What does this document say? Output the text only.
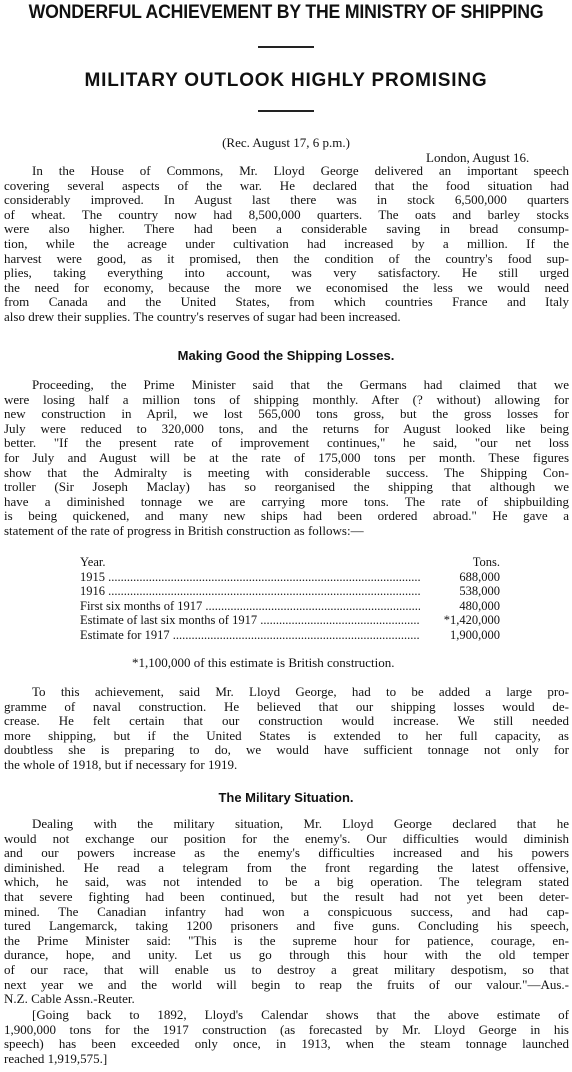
WONDERFUL ACHIEVEMENT BY THE MINISTRY OF SHIPPING
MILITARY OUTLOOK HIGHLY PROMISING
(Rec. August 17, 6 p.m.)
London, August 16.
In the House of Commons, Mr. Lloyd George delivered an important speech
covering several aspects of the war. He declared that the food situation had
considerably improved. In August last there was in stock 6,500,000 quarters
of wheat. The country now had 8,500,000 quarters. The oats and barley stocks
were also higher. There had been a considerable saving in bread consump-
tion, while the acreage under cultivation had increased by a million. If the
harvest were good, as it promised, then the condition of the country's food sup-
plies, taking everything into account, was very satisfactory. He still urged
the need for economy, because the more we economised the less we would need
from Canada and the United States, from which countries France and Italy
also drew their supplies. The country's reserves of sugar had been increased.
Making Good the Shipping Losses.
Proceeding, the Prime Minister said that the Germans had claimed that we
were losing half a million tons of shipping monthly. After (? without) allowing for
new construction in April, we lost 565,000 tons gross, but the gross losses for
July were reduced to 320,000 tons, and the returns for August looked like being
better. "If the present rate of improvement continues," he said, "our net loss
for July and August will be at the rate of 175,000 tons per month. These figures
show that the Admiralty is meeting with considerable success. The Shipping Con-
troller (Sir Joseph Maclay) has so reorganised the shipping that although we
have a diminished tonnage we are carrying more tons. The rate of shipbuilding
is being quickened, and many new ships had been ordered abroad." He gave a
statement of the rate of progress in British construction as follows:—
Year.	Tons.
1915 .....	688,000
1916 .....	538,000
First six months of 1917 .....	480,000
Estimate of last six months of 1917 .....	*1,420,000
Estimate for 1917 .....	1,900,000
*1,100,000 of this estimate is British construction.
To this achievement, said Mr. Lloyd George, had to be added a large pro-
gramme of naval construction. He believed that our shipping losses would de-
crease. He felt certain that our construction would increase. We still needed
more shipping, but if the United States is extended to her full capacity, as
doubtless she is preparing to do, we would have sufficient tonnage not only for
the whole of 1918, but if necessary for 1919.
The Military Situation.
Dealing with the military situation, Mr. Lloyd George declared that he
would not exchange our position for the enemy's. Our difficulties would diminish
and our powers increase as the enemy's difficulties increased and his powers
diminished. He read a telegram from the front regarding the latest offensive,
which, he said, was not intended to be a big operation. The telegram stated
that severe fighting had been continued, but the result had not yet been deter-
mined. The Canadian infantry had won a conspicuous success, and had cap-
tured Langemarck, taking 1200 prisoners and five guns. Concluding his speech,
the Prime Minister said: "This is the supreme hour for patience, courage, en-
durance, hope, and unity. Let us go through this hour with the old temper
of our race, that will enable us to destroy a great military despotism, so that
next year we and the world will begin to reap the fruits of our valour."—Aus.-
N.Z. Cable Assn.-Reuter.
[Going back to 1892, Lloyd's Calendar shows that the above estimate of
1,900,000 tons for the 1917 construction (as forecasted by Mr. Lloyd George in his
speech) has been exceeded only once, in 1913, when the steam tonnage launched
reached 1,919,575.]
